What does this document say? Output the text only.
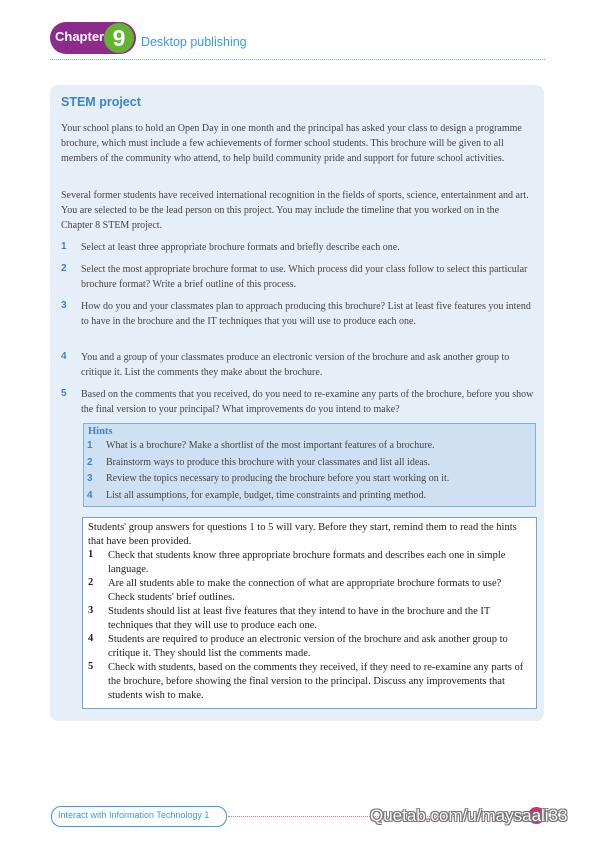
Chapter 9	Desktop publishing
STEM project
Your school plans to hold an Open Day in one month and the principal has asked your class to design a programme brochure, which must include a few achievements of former school students. This brochure will be given to all members of the community who attend, to help build community pride and support for future school activities.
Several former students have received international recognition in the fields of sports, science, entertainment and art. You are selected to be the lead person on this project. You may include the timeline that you worked on in the Chapter 8 STEM project.
1 Select at least three appropriate brochure formats and briefly describe each one.
2 Select the most appropriate brochure format to use. Which process did your class follow to select this particular brochure format? Write a brief outline of this process.
3 How do you and your classmates plan to approach producing this brochure? List at least five features you intend to have in the brochure and the IT techniques that you will use to produce each one.
4 You and a group of your classmates produce an electronic version of the brochure and ask another group to critique it. List the comments they make about the brochure.
5 Based on the comments that you received, do you need to re-examine any parts of the brochure, before you show the final version to your principal? What improvements do you intend to make?
Hints
1 What is a brochure? Make a shortlist of the most important features of a brochure.
2 Brainstorm ways to produce this brochure with your classmates and list all ideas.
3 Review the topics necessary to producing the brochure before you start working on it.
4 List all assumptions, for example, budget, time constraints and printing method.
Students' group answers for questions 1 to 5 will vary. Before they start, remind them to read the hints that have been provided.
1 Check that students know three appropriate brochure formats and describes each one in simple language.
2 Are all students able to make the connection of what are appropriate brochure formats to use? Check students' brief outlines.
3 Students should list at least five features that they intend to have in the brochure and the IT techniques that they will use to produce each one.
4 Students are required to produce an electronic version of the brochure and ask another group to critique it. They should list the comments made.
5 Check with students, based on the comments they received, if they need to re-examine any parts of the brochure, before showing the final version to the principal. Discuss any improvements that students wish to make.
Interact with Information Technology 1	Quetab.com/u/maysaali33
